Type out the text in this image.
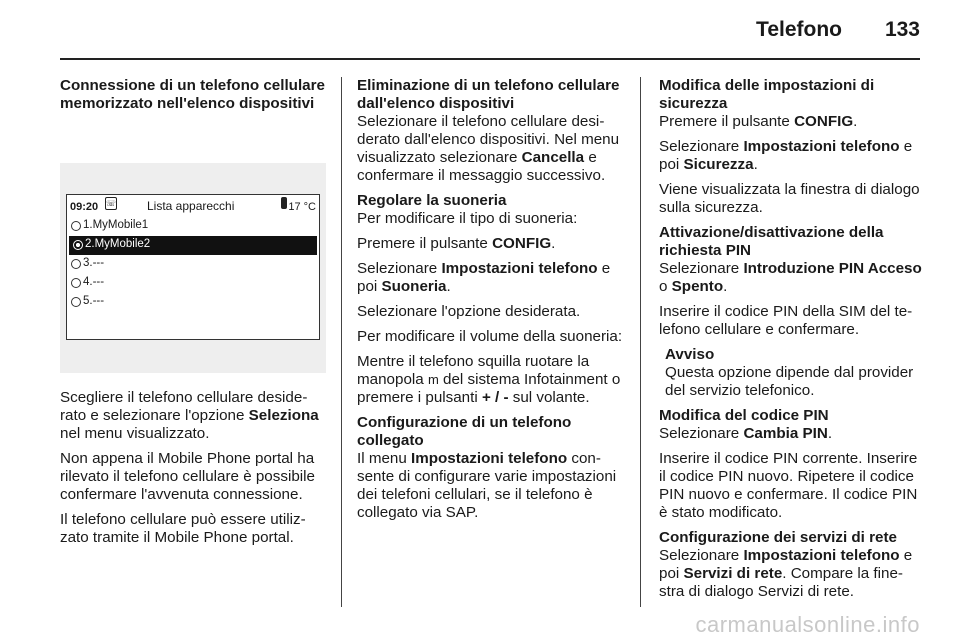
Telefono 133
Connessione di un telefono cellulare memorizzato nell'elenco dispositivi
09:20 ☏	Lista apparecchi	17 °C
1.MyMobile1
2.MyMobile2
3.---
4.---
5.---

Scegliere il telefono cellulare desiderato e selezionare l'opzione Seleziona nel menu visualizzato.

Non appena il Mobile Phone portal ha rilevato il telefono cellulare è possibile confermare l'avvenuta connessione.

Il telefono cellulare può essere utilizzato tramite il Mobile Phone portal.

Eliminazione di un telefono cellulare dall'elenco dispositivi

Selezionare il telefono cellulare desiderato dall'elenco dispositivi. Nel menu visualizzato selezionare Cancella e confermare il messaggio successivo.

Regolare la suoneria

Per modificare il tipo di suoneria:

Premere il pulsante CONFIG.

Selezionare Impostazioni telefono e poi Suoneria.

Selezionare l'opzione desiderata.

Per modificare il volume della suoneria:

Mentre il telefono squilla ruotare la manopola m del sistema Infotainment o premere i pulsanti + / - sul volante.

Configurazione di un telefono collegato

Il menu Impostazioni telefono consente di configurare varie impostazioni dei telefoni cellulari, se il telefono è collegato via SAP.

Modifica delle impostazioni di sicurezza

Premere il pulsante CONFIG.

Selezionare Impostazioni telefono e poi Sicurezza.

Viene visualizzata la finestra di dialogo sulla sicurezza.

Attivazione/disattivazione della richiesta PIN

Selezionare Introduzione PIN Acceso o Spento.

Inserire il codice PIN della SIM del telefono cellulare e confermare.

Avviso

Questa opzione dipende dal provider del servizio telefonico.

Modifica del codice PIN

Selezionare Cambia PIN.

Inserire il codice PIN corrente. Inserire il codice PIN nuovo. Ripetere il codice PIN nuovo e confermare. Il codice PIN è stato modificato.

Configurazione dei servizi di rete

Selezionare Impostazioni telefono e poi Servizi di rete. Compare la finestra di dialogo Servizi di rete.

carmanualsonline.info
